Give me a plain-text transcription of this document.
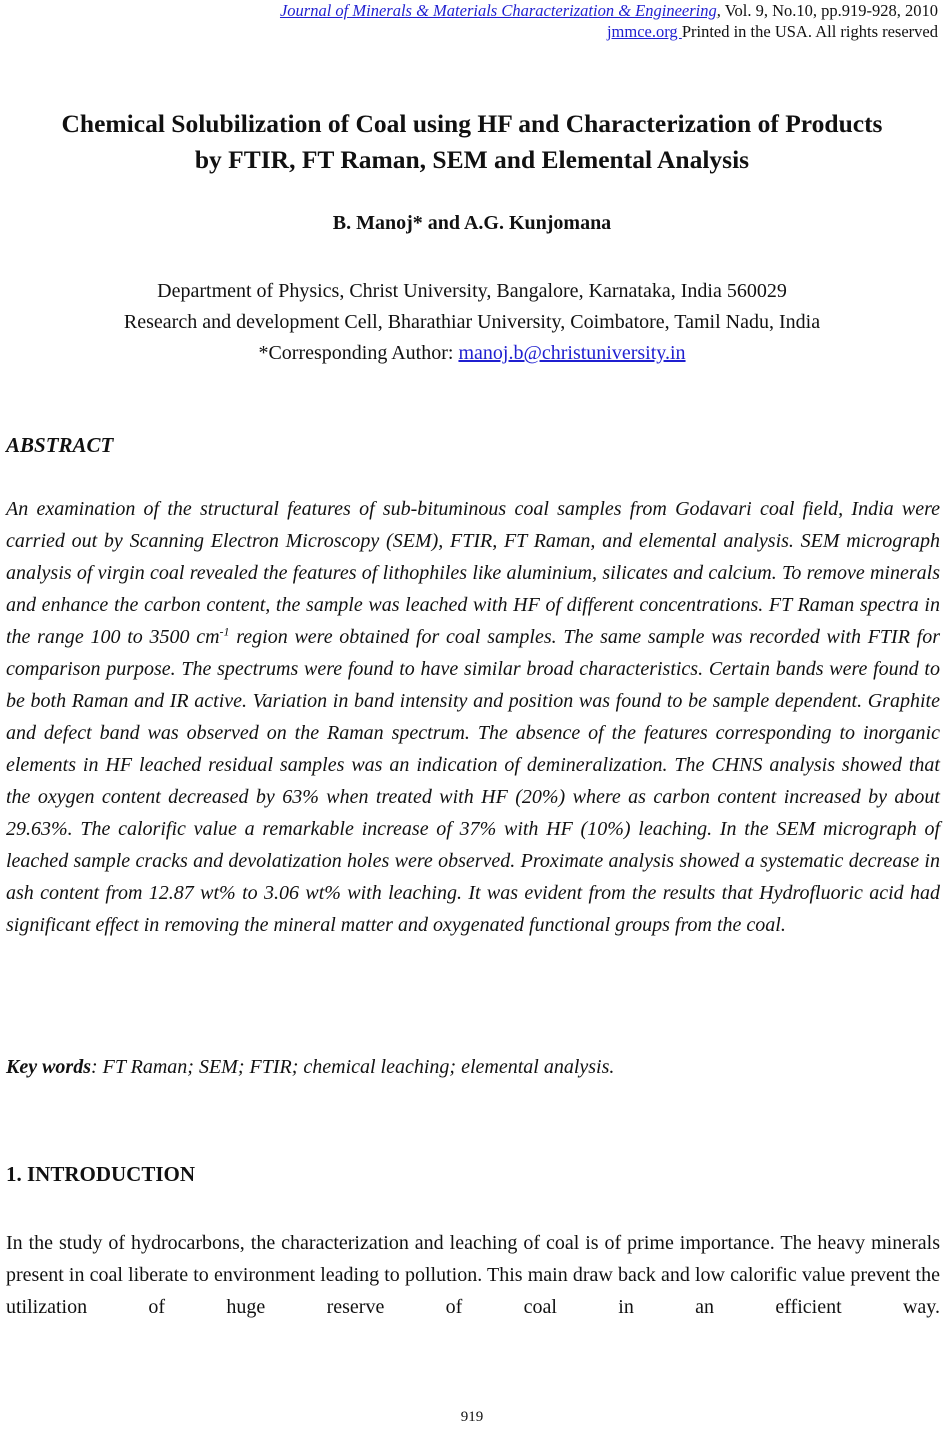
Journal of Minerals & Materials Characterization & Engineering, Vol. 9, No.10, pp.919-928, 2010
jmmce.org Printed in the USA. All rights reserved
Chemical Solubilization of Coal using HF and Characterization of Products
by FTIR, FT Raman, SEM and Elemental Analysis
B. Manoj* and A.G. Kunjomana
Department of Physics, Christ University, Bangalore, Karnataka, India 560029
Research and development Cell, Bharathiar University, Coimbatore, Tamil Nadu, India
*Corresponding Author: manoj.b@christuniversity.in
ABSTRACT
An examination of the structural features of sub-bituminous coal samples from Godavari coal field, India were carried out by Scanning Electron Microscopy (SEM), FTIR, FT Raman, and elemental analysis. SEM micrograph analysis of virgin coal revealed the features of lithophiles like aluminium, silicates and calcium. To remove minerals and enhance the carbon content, the sample was leached with HF of different concentrations. FT Raman spectra in the range 100 to 3500 $cm^{-1}$ region were obtained for coal samples. The same sample was recorded with FTIR for comparison purpose. The spectrums were found to have similar broad characteristics. Certain bands were found to be both Raman and IR active. Variation in band intensity and position was found to be sample dependent. Graphite and defect band was observed on the Raman spectrum. The absence of the features corresponding to inorganic elements in HF leached residual samples was an indication of demineralization. The CHNS analysis showed that the oxygen content decreased by 63% when treated with HF (20%) where as carbon content increased by about 29.63%. The calorific value a remarkable increase of 37% with HF (10%) leaching. In the SEM micrograph of leached sample cracks and devolatization holes were observed. Proximate analysis showed a systematic decrease in ash content from 12.87 wt% to 3.06 wt% with leaching. It was evident from the results that Hydrofluoric acid had significant effect in removing the mineral matter and oxygenated functional groups from the coal.
Key words: FT Raman; SEM; FTIR; chemical leaching; elemental analysis.
1. INTRODUCTION
In the study of hydrocarbons, the characterization and leaching of coal is of prime importance. The heavy minerals present in coal liberate to environment leading to pollution. This main draw back and low calorific value prevent the utilization of huge reserve of coal in an efficient way.
919
